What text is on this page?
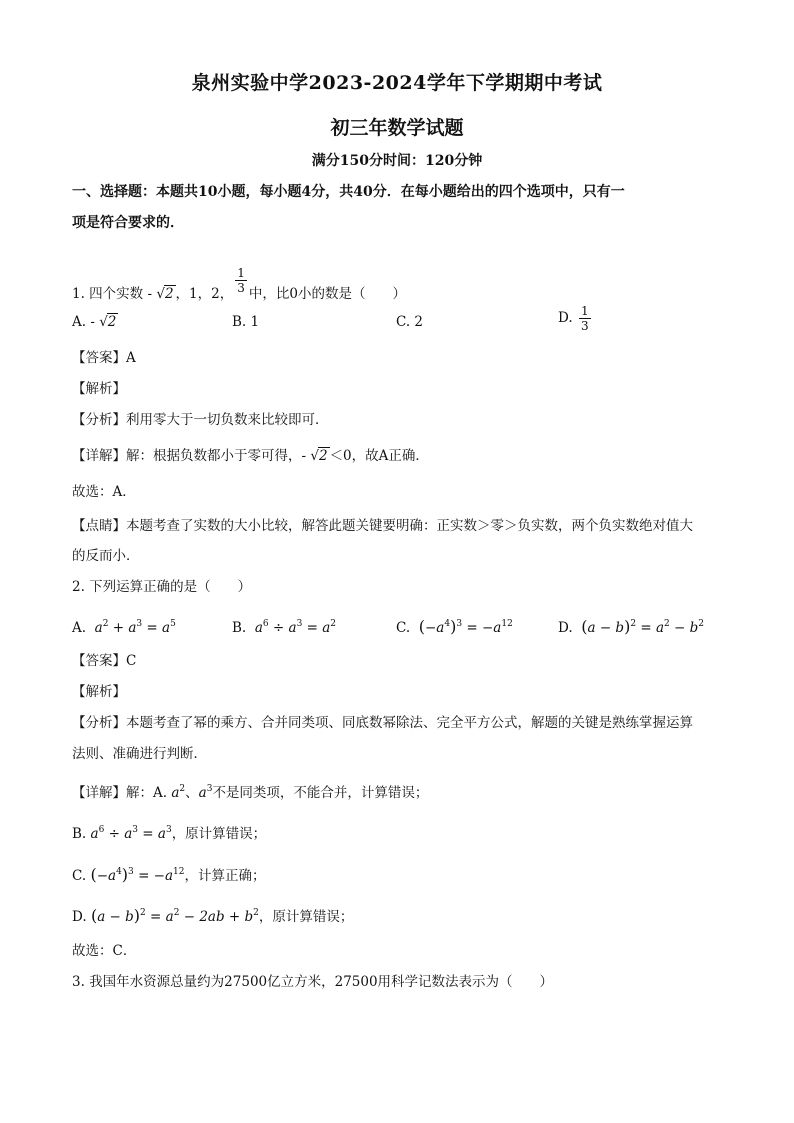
泉州实验中学2023-2024学年下学期期中考试
初三年数学试题
满分150分时间：120分钟
一、选择题：本题共10小题，每小题4分，共40分．在每小题给出的四个选项中，只有一
项是符合要求的．
1. 四个实数 - √2 ，1，2， $\frac{1}{3}$ 中，比0小的数是（　　）
A. - √2	B. 1	C. 2	D. $\frac{1}{3}$
【答案】A
【解析】
【分析】利用零大于一切负数来比较即可．
【详解】解：根据负数都小于零可得，- √2 ＜0，故A正确．
故选：A．
【点睛】本题考查了实数的大小比较，解答此题关键要明确：正实数＞零＞负实数，两个负实数绝对值大
的反而小．
2. 下列运算正确的是（　　）
A. $a^2 + a^3 = a^5$	B. $a^6 \div a^3 = a^2$	C. $(-a^4)^3 = -a^{12}$	D. $(a - b)^2 = a^2 - b^2$
【答案】C
【解析】
【分析】本题考查了幂的乘方、合并同类项、同底数幂除法、完全平方公式，解题的关键是熟练掌握运算
法则、准确进行判断．
【详解】解：A. $a^2$、$a^3$不是同类项，不能合并，计算错误；
B. $a^6 \div a^3 = a^3$，原计算错误；
C. $(-a^4)^3 = -a^{12}$，计算正确；
D. $(a - b)^2 = a^2 - 2ab + b^2$，原计算错误；
故选：C．
3. 我国年水资源总量约为27500亿立方米，27500用科学记数法表示为（　　）
